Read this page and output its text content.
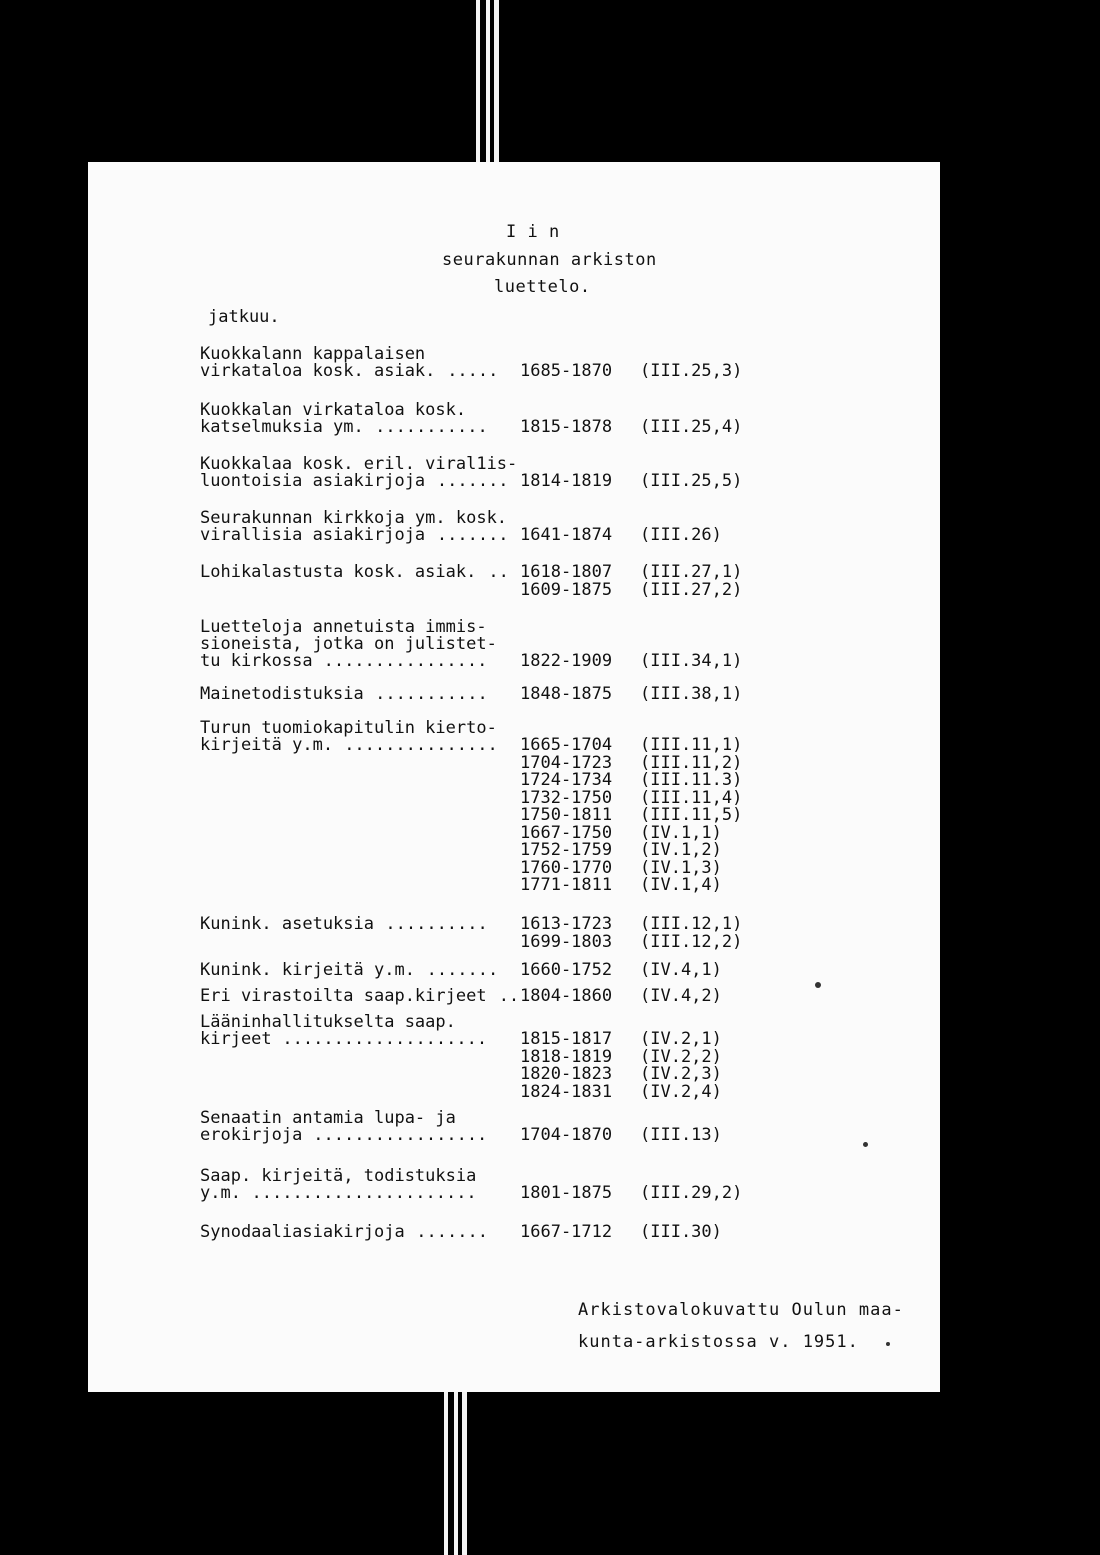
I i n
seurakunnan arkiston
luettelo.
jatkuu.
Kuokkalann kappalaisen
virkataloa kosk. asiak. ..... 1685-1870 (III.25,3)
Kuokkalan virkataloa kosk.
katselmuksia ym. ........... 1815-1878 (III.25,4)
Kuokkalaa kosk. eril. viral1is-
luontoisia asiakirjoja ....... 1814-1819 (III.25,5)
Seurakunnan kirkkoja ym. kosk.
virallisia asiakirjoja ....... 1641-1874 (III.26)
Lohikalastusta kosk. asiak. .. 1618-1807 (III.27,1)
1609-1875 (III.27,2)
Luetteloja annetuista immis-
sioneista, jotka on julistet-
tu kirkossa ................ 1822-1909 (III.34,1)
Mainetodistuksia ........... 1848-1875 (III.38,1)
Turun tuomiokapitulin kierto-
kirjeitä y.m. ............... 1665-1704 (III.11,1)
1704-1723 (III.11,2)
1724-1734 (III.11.3)
1732-1750 (III.11,4)
1750-1811 (III.11,5)
1667-1750 (IV.1,1)
1752-1759 (IV.1,2)
1760-1770 (IV.1,3)
1771-1811 (IV.1,4)
Kunink. asetuksia .......... 1613-1723 (III.12,1)
1699-1803 (III.12,2)
Kunink. kirjeitä y.m. ....... 1660-1752 (IV.4,1)
Eri virastoilta saap.kirjeet .. 1804-1860 (IV.4,2)
Lääninhallitukselta saap.
kirjeet .................... 1815-1817 (IV.2,1)
1818-1819 (IV.2,2)
1820-1823 (IV.2,3)
1824-1831 (IV.2,4)
Senaatin antamia lupa- ja
erokirjoja ................. 1704-1870 (III.13)
Saap. kirjeitä, todistuksia
y.m. ......................	1801-1875 (III.29,2)
Synodaaliasiakirjoja ....... 1667-1712 (III.30)
Arkistovalokuvattu Oulun maa-
kunta-arkistossa v. 1951.
